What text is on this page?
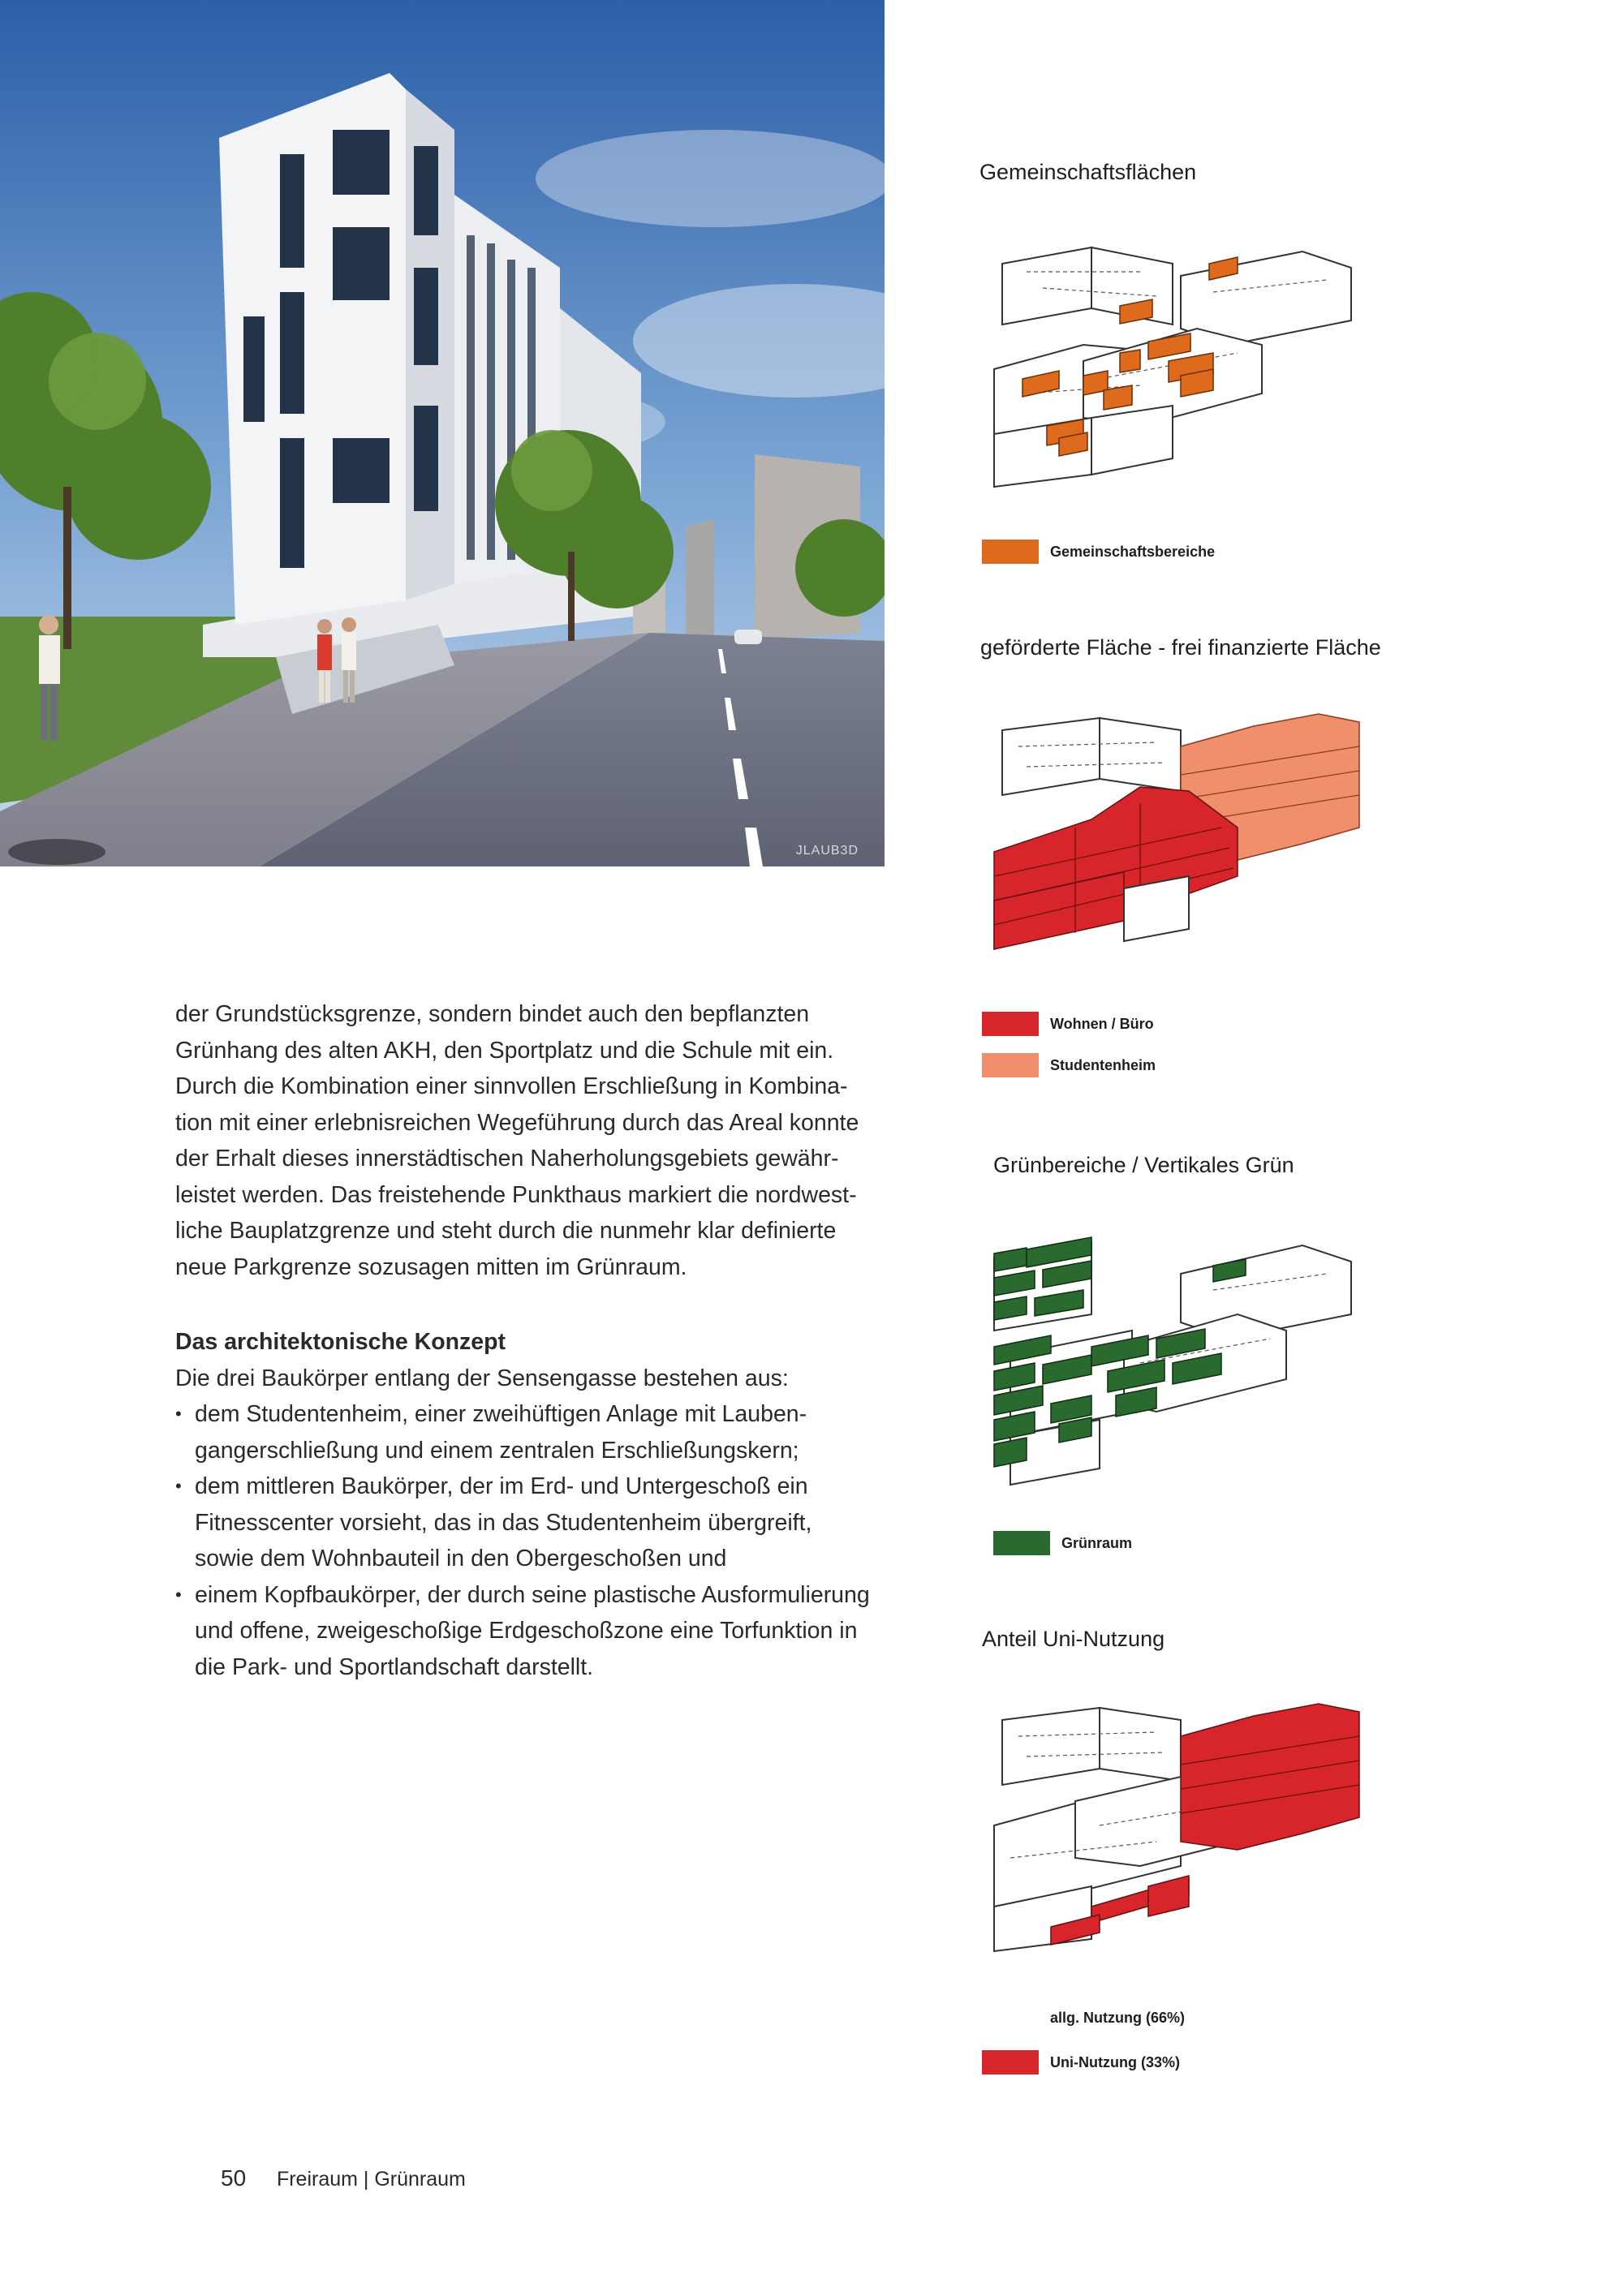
JLAUB3D

der Grundstücksgrenze, sondern bindet auch den bepflanzten
Grünhang des alten AKH, den Sportplatz und die Schule mit ein.
Durch die Kombination einer sinnvollen Erschließung in Kombina-
tion mit einer erlebnisreichen Wegeführung durch das Areal konnte
der Erhalt dieses innerstädtischen Naherholungsgebiets gewähr-
leistet werden. Das freistehende Punkthaus markiert die nordwest-
liche Bauplatzgrenze und steht durch die nunmehr klar definierte
neue Parkgrenze sozusagen mitten im Grünraum.

Das architektonische Konzept

Die drei Baukörper entlang der Sensengasse bestehen aus:

• dem Studentenheim, einer zweihüftigen Anlage mit Lauben-
gangerschließung und einem zentralen Erschließungskern;
• dem mittleren Baukörper, der im Erd- und Untergeschoß ein
Fitnesscenter vorsieht, das in das Studentenheim übergreift,
sowie dem Wohnbauteil in den Obergeschoßen und
• einem Kopfbaukörper, der durch seine plastische Ausformulierung
und offene, zweigeschoßige Erdgeschoßzone eine Torfunktion in
die Park- und Sportlandschaft darstellt.
Gemeinschaftsflächen
Gemeinschaftsbereiche
geförderte Fläche - frei finanzierte Fläche
Wohnen / Büro
Studentenheim
Grünbereiche / Vertikales Grün
Grünraum
Anteil Uni-Nutzung
allg. Nutzung (66%)
Uni-Nutzung (33%)
50 Freiraum | Grünraum
